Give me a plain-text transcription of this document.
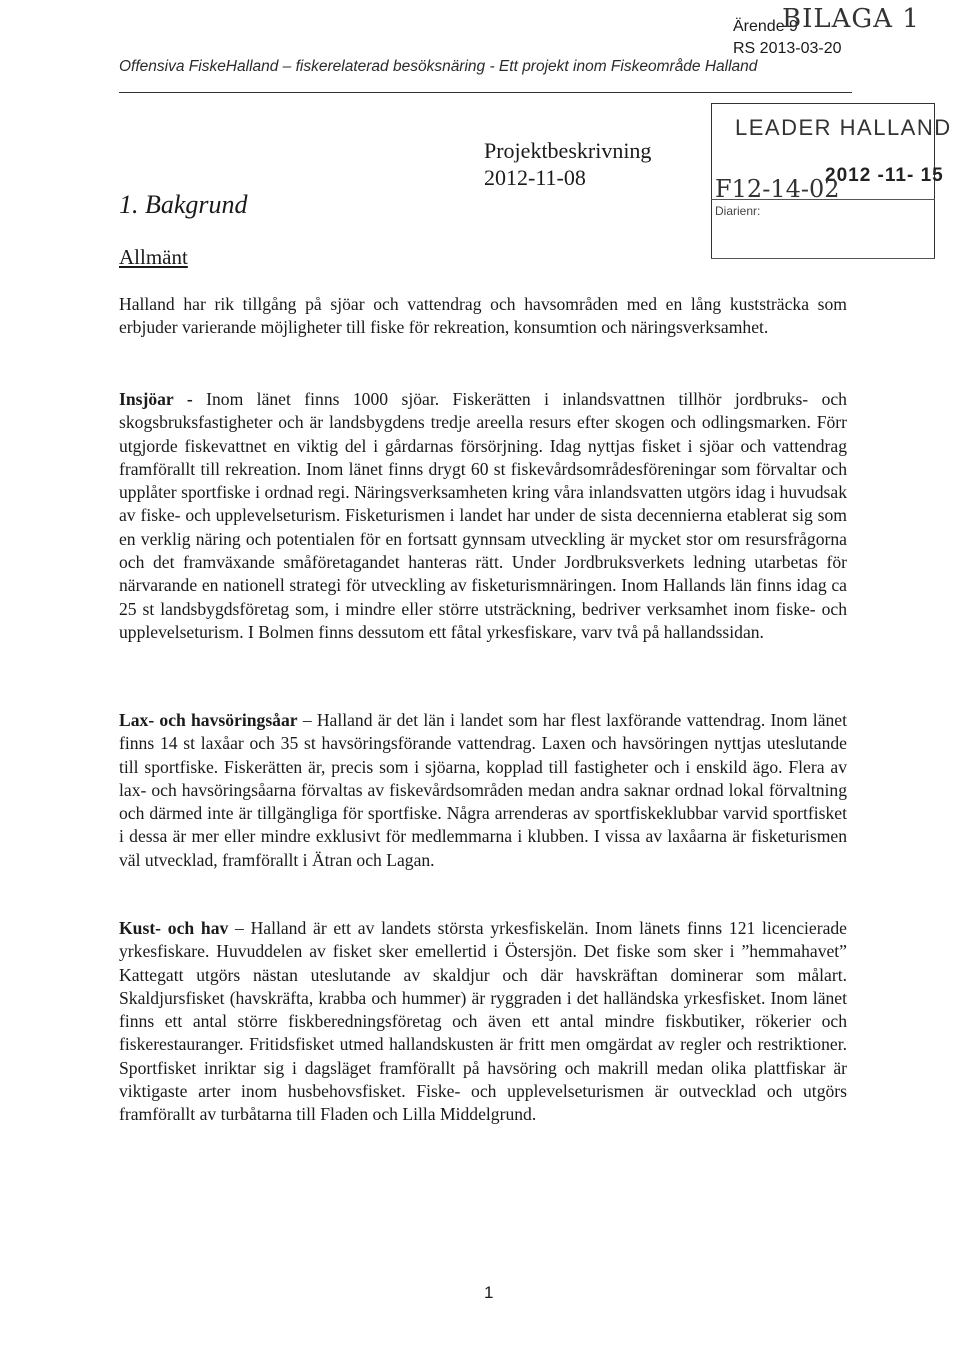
Offensiva FiskeHalland – fiskerelaterad besöksnäring - Ett projekt inom Fiskeområde Halland
Ärende 9
BILAGA 1
RS 2013-03-20
LEADER HALLAND
2012 -11- 15
F12-14-02
Diarienr:
Projektbeskrivning
2012-11-08
1. Bakgrund
Allmänt
Halland har rik tillgång på sjöar och vattendrag och havsområden med en lång kuststräcka som erbjuder varierande möjligheter till fiske för rekreation, konsumtion och näringsverksamhet.
Insjöar - Inom länet finns 1000 sjöar. Fiskerätten i inlandsvattnen tillhör jordbruks- och skogsbruksfastigheter och är landsbygdens tredje areella resurs efter skogen och odlingsmarken. Förr utgjorde fiskevattnet en viktig del i gårdarnas försörjning. Idag nyttjas fisket i sjöar och vattendrag framförallt till rekreation. Inom länet finns drygt 60 st fiskevårdsområdesföreningar som förvaltar och upplåter sportfiske i ordnad regi. Näringsverksamheten kring våra inlandsvatten utgörs idag i huvudsak av fiske- och upplevelseturism. Fisketurismen i landet har under de sista decennierna etablerat sig som en verklig näring och potentialen för en fortsatt gynnsam utveckling är mycket stor om resursfrågorna och det framväxande småföretagandet hanteras rätt. Under Jordbruksverkets ledning utarbetas för närvarande en nationell strategi för utveckling av fisketurismnäringen. Inom Hallands län finns idag ca 25 st landsbygdsföretag som, i mindre eller större utsträckning, bedriver verksamhet inom fiske- och upplevelseturism. I Bolmen finns dessutom ett fåtal yrkesfiskare, varv två på hallandssidan.
Lax- och havsöringsåar – Halland är det län i landet som har flest laxförande vattendrag. Inom länet finns 14 st laxåar och 35 st havsöringsförande vattendrag. Laxen och havsöringen nyttjas uteslutande till sportfiske. Fiskerätten är, precis som i sjöarna, kopplad till fastigheter och i enskild ägo. Flera av lax- och havsöringsåarna förvaltas av fiskevårdsområden medan andra saknar ordnad lokal förvaltning och därmed inte är tillgängliga för sportfiske. Några arrenderas av sportfiskeklubbar varvid sportfisket i dessa är mer eller mindre exklusivt för medlemmarna i klubben. I vissa av laxåarna är fisketurismen väl utvecklad, framförallt i Ätran och Lagan.
Kust- och hav – Halland är ett av landets största yrkesfiskelän. Inom länets finns 121 licencierade yrkesfiskare. Huvuddelen av fisket sker emellertid i Östersjön. Det fiske som sker i ”hemmahavet” Kattegatt utgörs nästan uteslutande av skaldjur och där havskräftan dominerar som målart. Skaldjursfisket (havskräfta, krabba och hummer) är ryggraden i det halländska yrkesfisket. Inom länet finns ett antal större fiskberedningsföretag och även ett antal mindre fiskbutiker, rökerier och fiskerestauranger. Fritidsfisket utmed hallandskusten är fritt men omgärdat av regler och restriktioner. Sportfisket inriktar sig i dagsläget framförallt på havsöring och makrill medan olika plattfiskar är viktigaste arter inom husbehovsfisket. Fiske- och upplevelseturismen är outvecklad och utgörs framförallt av turbåtarna till Fladen och Lilla Middelgrund.
1
